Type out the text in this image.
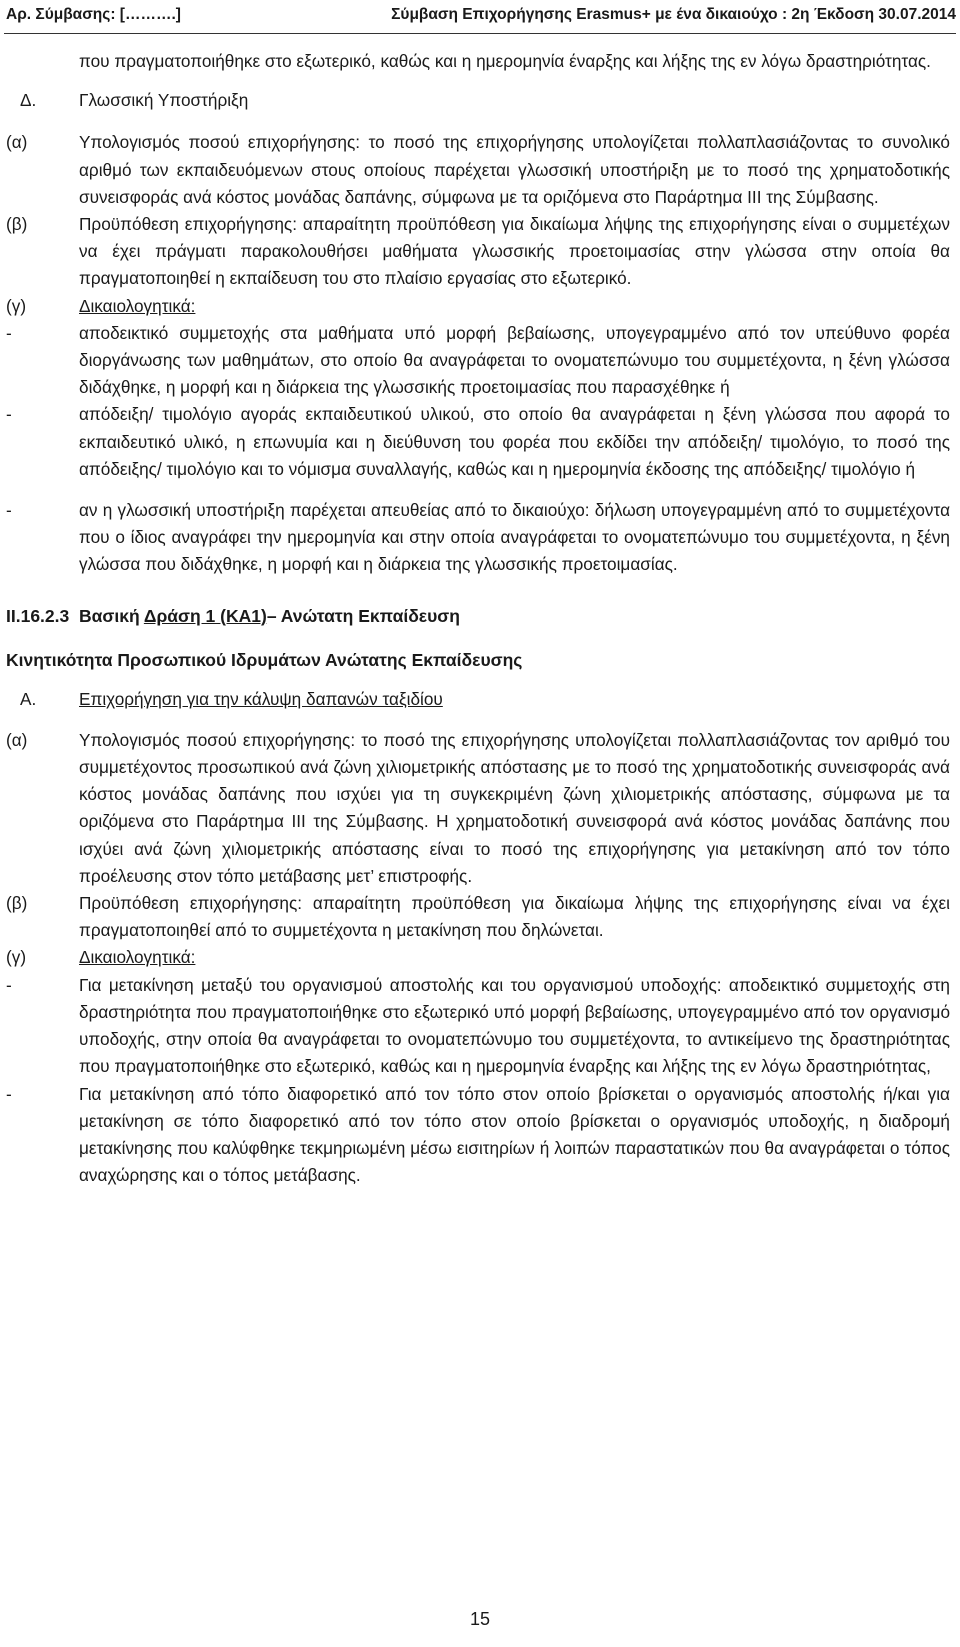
Αρ. Σύμβασης: [……….]	Σύμβαση Επιχορήγησης Erasmus+ με ένα δικαιούχο : 2η Έκδοση 30.07.2014
που πραγματοποιήθηκε στο εξωτερικό, καθώς και η ημερομηνία έναρξης και λήξης της εν λόγω δραστηριότητας.
Δ. Γλωσσική Υποστήριξη
(α)	Υπολογισμός ποσού επιχορήγησης: το ποσό της επιχορήγησης υπολογίζεται πολλαπλασιάζοντας το συνολικό αριθμό των εκπαιδευόμενων στους οποίους παρέχεται γλωσσική υποστήριξη με το ποσό της χρηματοδοτικής συνεισφοράς ανά κόστος μονάδας δαπάνης, σύμφωνα με τα οριζόμενα στο Παράρτημα ΙΙΙ της Σύμβασης.
(β)	Προϋπόθεση επιχορήγησης: απαραίτητη προϋπόθεση για δικαίωμα λήψης της επιχορήγησης είναι ο συμμετέχων να έχει πράγματι παρακολουθήσει μαθήματα γλωσσικής προετοιμασίας στην γλώσσα στην οποία θα πραγματοποιηθεί η εκπαίδευση του στο πλαίσιο εργασίας στο εξωτερικό.
(γ)	Δικαιολογητικά:
-	αποδεικτικό συμμετοχής στα μαθήματα υπό μορφή βεβαίωσης, υπογεγραμμένο από τον υπεύθυνο φορέα διοργάνωσης των μαθημάτων, στο οποίο θα αναγράφεται το ονοματεπώνυμο του συμμετέχοντα, η ξένη γλώσσα διδάχθηκε, η μορφή και η διάρκεια της γλωσσικής προετοιμασίας που παρασχέθηκε ή
-	απόδειξη/ τιμολόγιο αγοράς εκπαιδευτικού υλικού, στο οποίο θα αναγράφεται η ξένη γλώσσα που αφορά το εκπαιδευτικό υλικό, η επωνυμία και η διεύθυνση του φορέα που εκδίδει την απόδειξη/ τιμολόγιο, το ποσό της απόδειξης/ τιμολόγιο και το νόμισμα συναλλαγής, καθώς και η ημερομηνία έκδοσης της απόδειξης/ τιμολόγιο ή
-	αν η γλωσσική υποστήριξη παρέχεται απευθείας από το δικαιούχο: δήλωση υπογεγραμμένη από το συμμετέχοντα που ο ίδιος αναγράφει την ημερομηνία και στην οποία αναγράφεται το ονοματεπώνυμο του συμμετέχοντα, η ξένη γλώσσα που διδάχθηκε, η μορφή και η διάρκεια της γλωσσικής προετοιμασίας.
II.16.2.3 Βασική Δράση 1 (ΚΑ1)– Ανώτατη Εκπαίδευση
Κινητικότητα Προσωπικού Ιδρυμάτων Ανώτατης Εκπαίδευσης
Α. Επιχορήγηση για την κάλυψη δαπανών ταξιδίου
(α)	Υπολογισμός ποσού επιχορήγησης: το ποσό της επιχορήγησης υπολογίζεται πολλαπλασιάζοντας τον αριθμό του συμμετέχοντος προσωπικού ανά ζώνη χιλιομετρικής απόστασης με το ποσό της χρηματοδοτικής συνεισφοράς ανά κόστος μονάδας δαπάνης που ισχύει για τη συγκεκριμένη ζώνη χιλιομετρικής απόστασης, σύμφωνα με τα οριζόμενα στο Παράρτημα ΙΙΙ της Σύμβασης. Η χρηματοδοτική συνεισφορά ανά κόστος μονάδας δαπάνης που ισχύει ανά ζώνη χιλιομετρικής απόστασης είναι το ποσό της επιχορήγησης για μετακίνηση από τον τόπο προέλευσης στον τόπο μετάβασης μετ’ επιστροφής.
(β)	Προϋπόθεση επιχορήγησης: απαραίτητη προϋπόθεση για δικαίωμα λήψης της επιχορήγησης είναι να έχει πραγματοποιηθεί από το συμμετέχοντα η μετακίνηση που δηλώνεται.
(γ)	Δικαιολογητικά:
-	Για μετακίνηση μεταξύ του οργανισμού αποστολής και του οργανισμού υποδοχής: αποδεικτικό συμμετοχής στη δραστηριότητα που πραγματοποιήθηκε στο εξωτερικό υπό μορφή βεβαίωσης, υπογεγραμμένο από τον οργανισμό υποδοχής, στην οποία θα αναγράφεται το ονοματεπώνυμο του συμμετέχοντα, το αντικείμενο της δραστηριότητας που πραγματοποιήθηκε στο εξωτερικό, καθώς και η ημερομηνία έναρξης και λήξης της εν λόγω δραστηριότητας,
-	Για μετακίνηση από τόπο διαφορετικό από τον τόπο στον οποίο βρίσκεται ο οργανισμός αποστολής ή/και για μετακίνηση σε τόπο διαφορετικό από τον τόπο στον οποίο βρίσκεται ο οργανισμός υποδοχής, η διαδρομή μετακίνησης που καλύφθηκε τεκμηριωμένη μέσω εισιτηρίων ή λοιπών παραστατικών που θα αναγράφεται ο τόπος αναχώρησης και ο τόπος μετάβασης.
15
